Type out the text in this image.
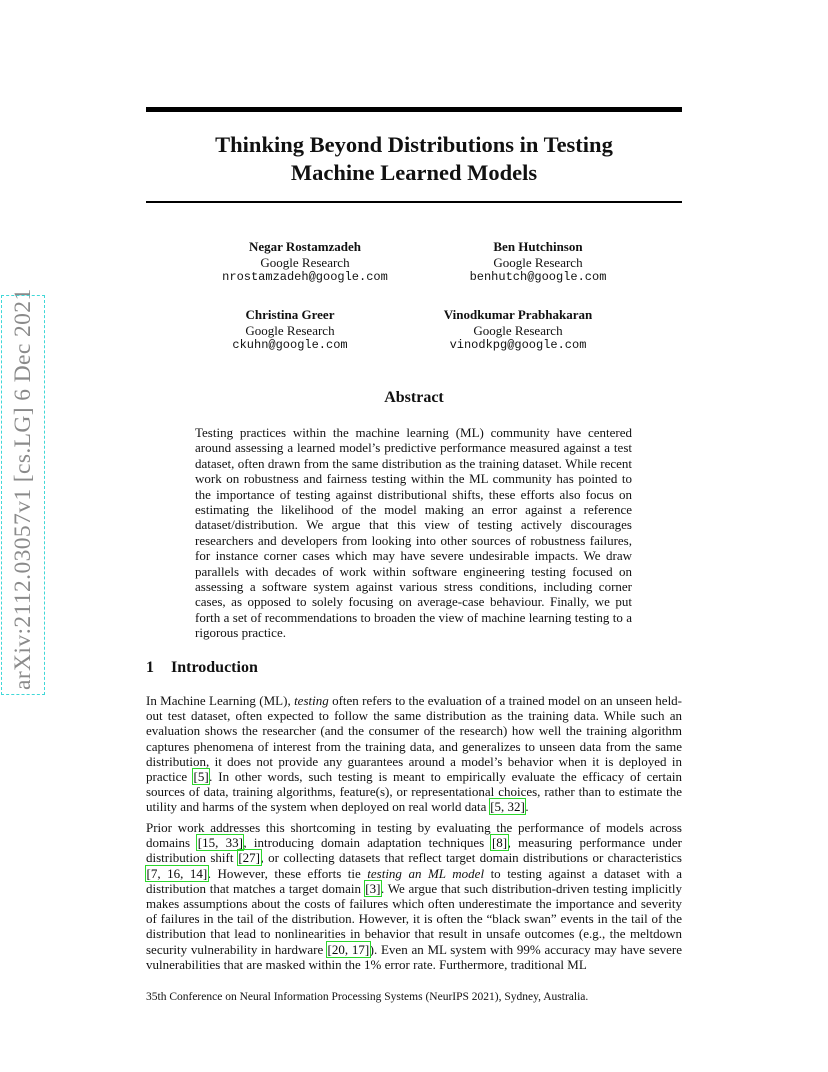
arXiv:2112.03057v1 [cs.LG] 6 Dec 2021
Thinking Beyond Distributions in Testing
Machine Learned Models
Negar Rostamzadeh
Google Research
nrostamzadeh@google.com
Ben Hutchinson
Google Research
benhutch@google.com
Christina Greer
Google Research
ckuhn@google.com
Vinodkumar Prabhakaran
Google Research
vinodkpg@google.com
Abstract

Testing practices within the machine learning (ML) community have centered around assessing a learned model’s predictive performance measured against a test dataset, often drawn from the same distribution as the training dataset. While recent work on robustness and fairness testing within the ML community has pointed to the importance of testing against distributional shifts, these efforts also focus on estimating the likelihood of the model making an error against a reference dataset/distribution. We argue that this view of testing actively discourages researchers and developers from looking into other sources of robustness failures, for instance corner cases which may have severe undesirable impacts. We draw parallels with decades of work within software engineering testing focused on assessing a software system against various stress conditions, including corner cases, as opposed to solely focusing on average-case behaviour. Finally, we put forth a set of recommendations to broaden the view of machine learning testing to a rigorous practice.

1 Introduction

In Machine Learning (ML), testing often refers to the evaluation of a trained model on an unseen held-out test dataset, often expected to follow the same distribution as the training data. While such an evaluation shows the researcher (and the consumer of the research) how well the training algorithm captures phenomena of interest from the training data, and generalizes to unseen data from the same distribution, it does not provide any guarantees around a model’s behavior when it is deployed in practice [5]. In other words, such testing is meant to empirically evaluate the efficacy of certain sources of data, training algorithms, feature(s), or representational choices, rather than to estimate the utility and harms of the system when deployed on real world data [5, 32].

Prior work addresses this shortcoming in testing by evaluating the performance of models across domains [15, 33], introducing domain adaptation techniques [8], measuring performance under distribution shift [27], or collecting datasets that reflect target domain distributions or characteristics [7, 16, 14]. However, these efforts tie testing an ML model to testing against a dataset with a distribution that matches a target domain [3]. We argue that such distribution-driven testing implicitly makes assumptions about the costs of failures which often underestimate the importance and severity of failures in the tail of the distribution. However, it is often the “black swan” events in the tail of the distribution that lead to nonlinearities in behavior that result in unsafe outcomes (e.g., the meltdown security vulnerability in hardware [20, 17]). Even an ML system with 99% accuracy may have severe vulnerabilities that are masked within the 1% error rate. Furthermore, traditional ML

35th Conference on Neural Information Processing Systems (NeurIPS 2021), Sydney, Australia.
